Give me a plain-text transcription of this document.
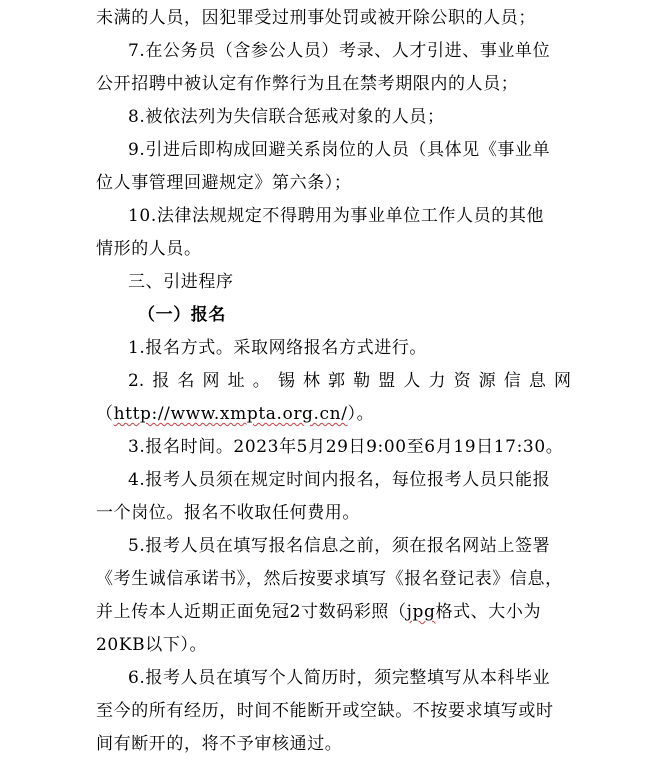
未满的人员，因犯罪受过刑事处罚或被开除公职的人员；
7.在公务员（含参公人员）考录、人才引进、事业单位
公开招聘中被认定有作弊行为且在禁考期限内的人员；
8.被依法列为失信联合惩戒对象的人员；
9.引进后即构成回避关系岗位的人员（具体见《事业单
位人事管理回避规定》第六条）；
10.法律法规规定不得聘用为事业单位工作人员的其他
情形的人员。
三、引进程序
（一）报名
1.报名方式。采取网络报名方式进行。
2.报名网址。锡林郭勒盟人力资源信息网
（http://www.xmpta.org.cn/）。
3.报名时间。2023年5月29日9:00至6月19日17:30。
4.报考人员须在规定时间内报名，每位报考人员只能报
一个岗位。报名不收取任何费用。
5.报考人员在填写报名信息之前，须在报名网站上签署
《考生诚信承诺书》，然后按要求填写《报名登记表》信息，
并上传本人近期正面免冠2寸数码彩照（jpg格式、大小为
20KB以下）。
6.报考人员在填写个人简历时，须完整填写从本科毕业
至今的所有经历，时间不能断开或空缺。不按要求填写或时
间有断开的，将不予审核通过。
